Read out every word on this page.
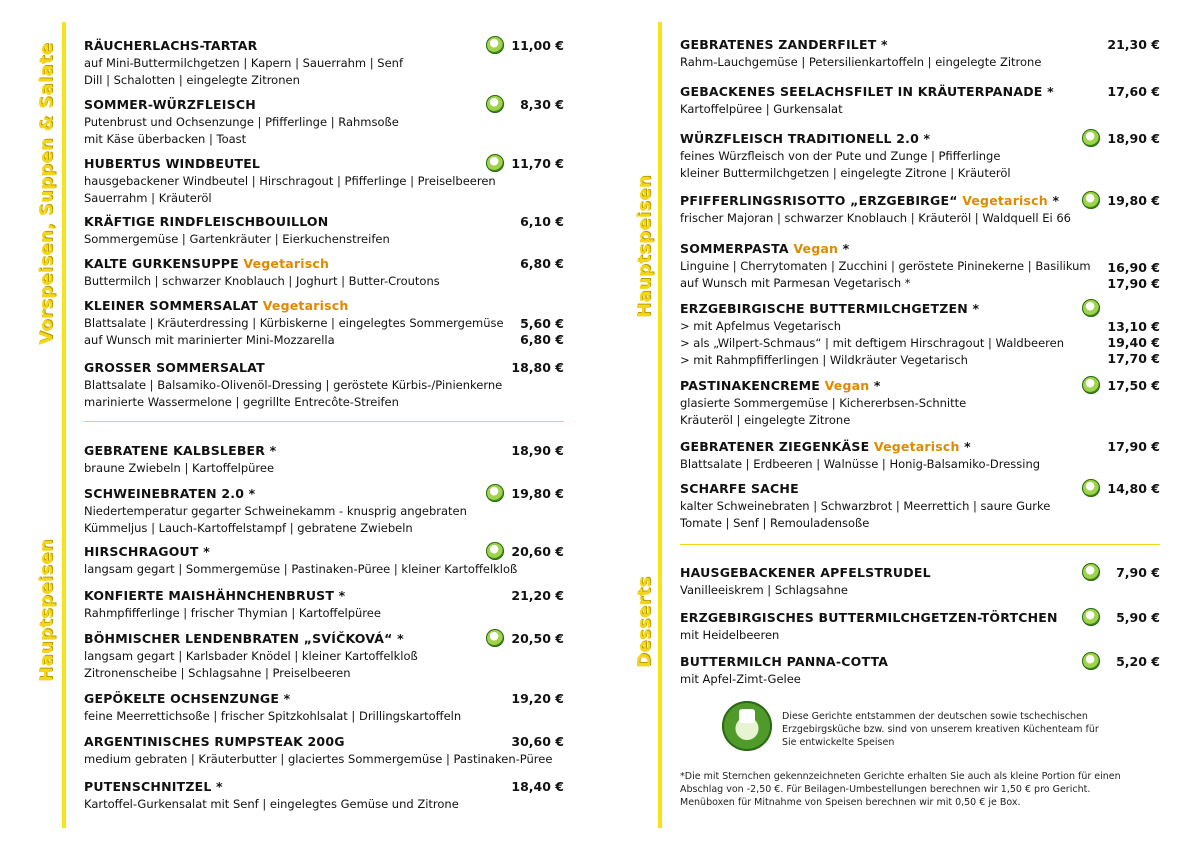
Vorspeisen, Suppen & Salate
Hauptspeisen
RÄUCHERLACHS-TARTAR
auf Mini-Buttermilchgetzen | Kapern | Sauerrahm | Senf
Dill | Schalotten | eingelegte Zitronen
11,00 €
SOMMER-WÜRZFLEISCH
Putenbrust und Ochsenzunge | Pfifferlinge | Rahmsoße
mit Käse überbacken | Toast
8,30 €
HUBERTUS WINDBEUTEL
hausgebackener Windbeutel | Hirschragout | Pfifferlinge | Preiselbeeren
Sauerrahm | Kräuteröl
11,70 €
KRÄFTIGE RINDFLEISCHBOUILLON
Sommergemüse | Gartenkräuter | Eierkuchenstreifen
6,10 €
KALTE GURKENSUPPE Vegetarisch
Buttermilch | schwarzer Knoblauch | Joghurt | Butter-Croutons
6,80 €
KLEINER SOMMERSALAT Vegetarisch
Blattsalate | Kräuterdressing | Kürbiskerne | eingelegtes Sommergemüse
auf Wunsch mit marinierter Mini-Mozzarella
5,60 €
6,80 €
GROSSER SOMMERSALAT
Blattsalate | Balsamiko-Olivenöl-Dressing | geröstete Kürbis-/Pinienkerne
marinierte Wassermelone | gegrillte Entrecôte-Streifen
18,80 €
GEBRATENE KALBSLEBER *
braune Zwiebeln | Kartoffelpüree
18,90 €
SCHWEINEBRATEN 2.0 *
Niedertemperatur gegarter Schweinekamm - knusprig angebraten
Kümmeljus | Lauch-Kartoffelstampf | gebratene Zwiebeln
19,80 €
HIRSCHRAGOUT *
langsam gegart | Sommergemüse | Pastinaken-Püree | kleiner Kartoffelkloß
20,60 €
KONFIERTE MAISHÄHNCHENBRUST *
Rahmpfifferlinge | frischer Thymian | Kartoffelpüree
21,20 €
BÖHMISCHER LENDENBRATEN „SVÍČKOVÁ“ *
langsam gegart | Karlsbader Knödel | kleiner Kartoffelkloß
Zitronenscheibe | Schlagsahne | Preiselbeeren
20,50 €
GEPÖKELTE OCHSENZUNGE *
feine Meerrettichsoße | frischer Spitzkohlsalat | Drillingskartoffeln
19,20 €
ARGENTINISCHES RUMPSTEAK 200G
medium gebraten | Kräuterbutter | glaciertes Sommergemüse | Pastinaken-Püree
30,60 €
PUTENSCHNITZEL *
Kartoffel-Gurkensalat mit Senf | eingelegtes Gemüse und Zitrone
18,40 €
Hauptspeisen
Desserts
GEBRATENES ZANDERFILET *
Rahm-Lauchgemüse | Petersilienkartoffeln | eingelegte Zitrone
21,30 €
GEBACKENES SEELACHSFILET IN KRÄUTERPANADE *
Kartoffelpüree | Gurkensalat
17,60 €
WÜRZFLEISCH TRADITIONELL 2.0 *
feines Würzfleisch von der Pute und Zunge | Pfifferlinge
kleiner Buttermilchgetzen | eingelegte Zitrone | Kräuteröl
18,90 €
PFIFFERLINGSRISOTTO „ERZGEBIRGE“ Vegetarisch *
frischer Majoran | schwarzer Knoblauch | Kräuteröl | Waldquell Ei 66
19,80 €
SOMMERPASTA Vegan *
Linguine | Cherrytomaten | Zucchini | geröstete Pininekerne | Basilikum
auf Wunsch mit Parmesan Vegetarisch *
16,90 €
17,90 €
ERZGEBIRGISCHE BUTTERMILCHGETZEN *
> mit Apfelmus Vegetarisch
> als „Wilpert-Schmaus“ | mit deftigem Hirschragout | Waldbeeren
> mit Rahmpfifferlingen | Wildkräuter Vegetarisch
13,10 €
19,40 €
17,70 €
PASTINAKENCREME Vegan *
glasierte Sommergemüse | Kichererbsen-Schnitte
Kräuteröl | eingelegte Zitrone
17,50 €
GEBRATENER ZIEGENKÄSE Vegetarisch *
Blattsalate | Erdbeeren | Walnüsse | Honig-Balsamiko-Dressing
17,90 €
SCHARFE SACHE
kalter Schweinebraten | Schwarzbrot | Meerrettich | saure Gurke
Tomate | Senf | Remouladensoße
14,80 €
HAUSGEBACKENER APFELSTRUDEL
Vanilleeiskrem | Schlagsahne
7,90 €
ERZGEBIRGISCHES BUTTERMILCHGETZEN-TÖRTCHEN
mit Heidelbeeren
5,90 €
BUTTERMILCH PANNA-COTTA
mit Apfel-Zimt-Gelee
5,20 €
Diese Gerichte entstammen der deutschen sowie tschechischen
Erzgebirgsküche bzw. sind von unserem kreativen Küchenteam für
Sie entwickelte Speisen
*Die mit Sternchen gekennzeichneten Gerichte erhalten Sie auch als kleine Portion für einen
Abschlag von -2,50 €. Für Beilagen-Umbestellungen berechnen wir 1,50 € pro Gericht.
Menüboxen für Mitnahme von Speisen berechnen wir mit 0,50 € je Box.
